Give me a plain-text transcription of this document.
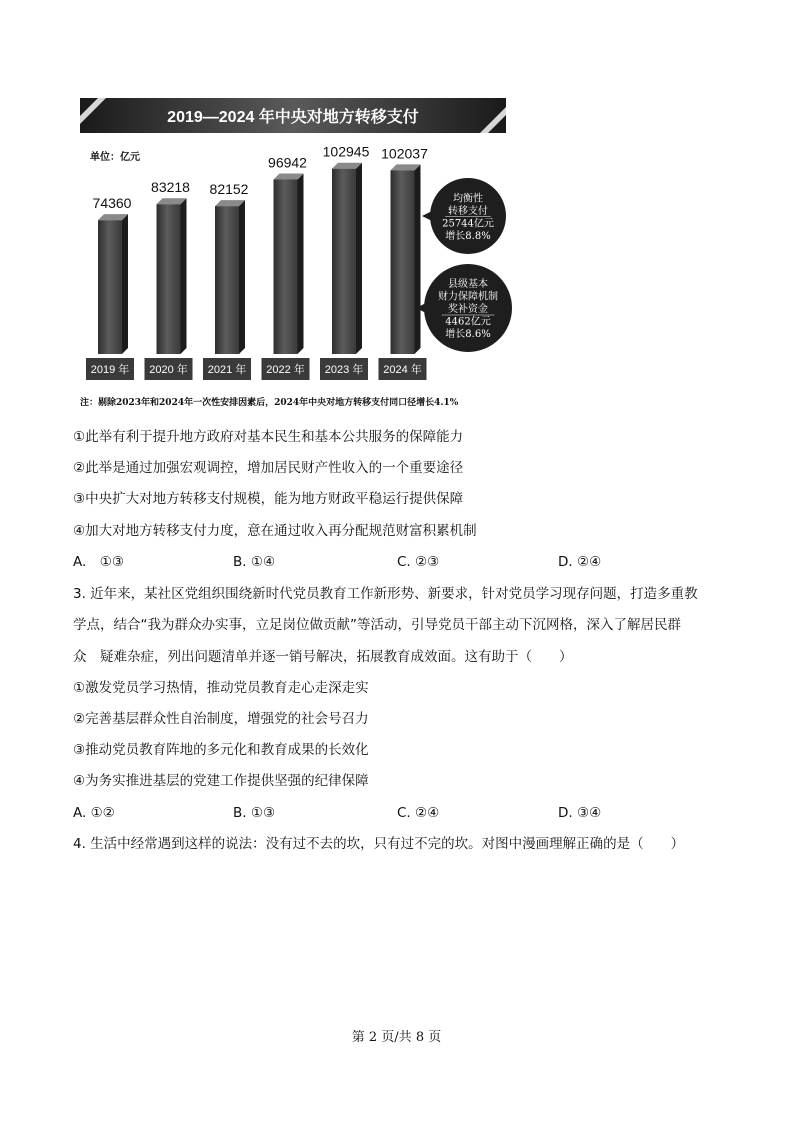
2019—2024 年中央对地方转移支付
单位：亿元
74360
2019 年
83218
2020 年
82152
2021 年
96942
2022 年
102945
2023 年
102037
2024 年
均衡性
转移支付
25744亿元
增长8.8%
县级基本
财力保障机制
奖补资金
4462亿元
增长8.6%
注：剔除2023年和2024年一次性安排因素后，2024年中央对地方转移支付同口径增长4.1%
①此举有利于提升地方政府对基本民生和基本公共服务的保障能力
②此举是通过加强宏观调控，增加居民财产性收入的一个重要途径
③中央扩大对地方转移支付规模，能为地方财政平稳运行提供保障
④加大对地方转移支付力度，意在通过收入再分配规范财富积累机制
A.　①③	B. ①④	C. ②③	D. ②④
3. 近年来，某社区党组织围绕新时代党员教育工作新形势、新要求，针对党员学习现存问题，打造多重教
学点，结合“我为群众办实事，立足岗位做贡献”等活动，引导党员干部主动下沉网格，深入了解居民群
众　疑难杂症，列出问题清单并逐一销号解决，拓展教育成效面。这有助于（　　）
①激发党员学习热情，推动党员教育走心走深走实
②完善基层群众性自治制度，增强党的社会号召力
③推动党员教育阵地的多元化和教育成果的长效化
④为务实推进基层的党建工作提供坚强的纪律保障
A. ①②	B. ①③	C. ②④	D. ③④
4. 生活中经常遇到这样的说法：没有过不去的坎，只有过不完的坎。对图中漫画理解正确的是（　　）
第 2 页/共 8 页
